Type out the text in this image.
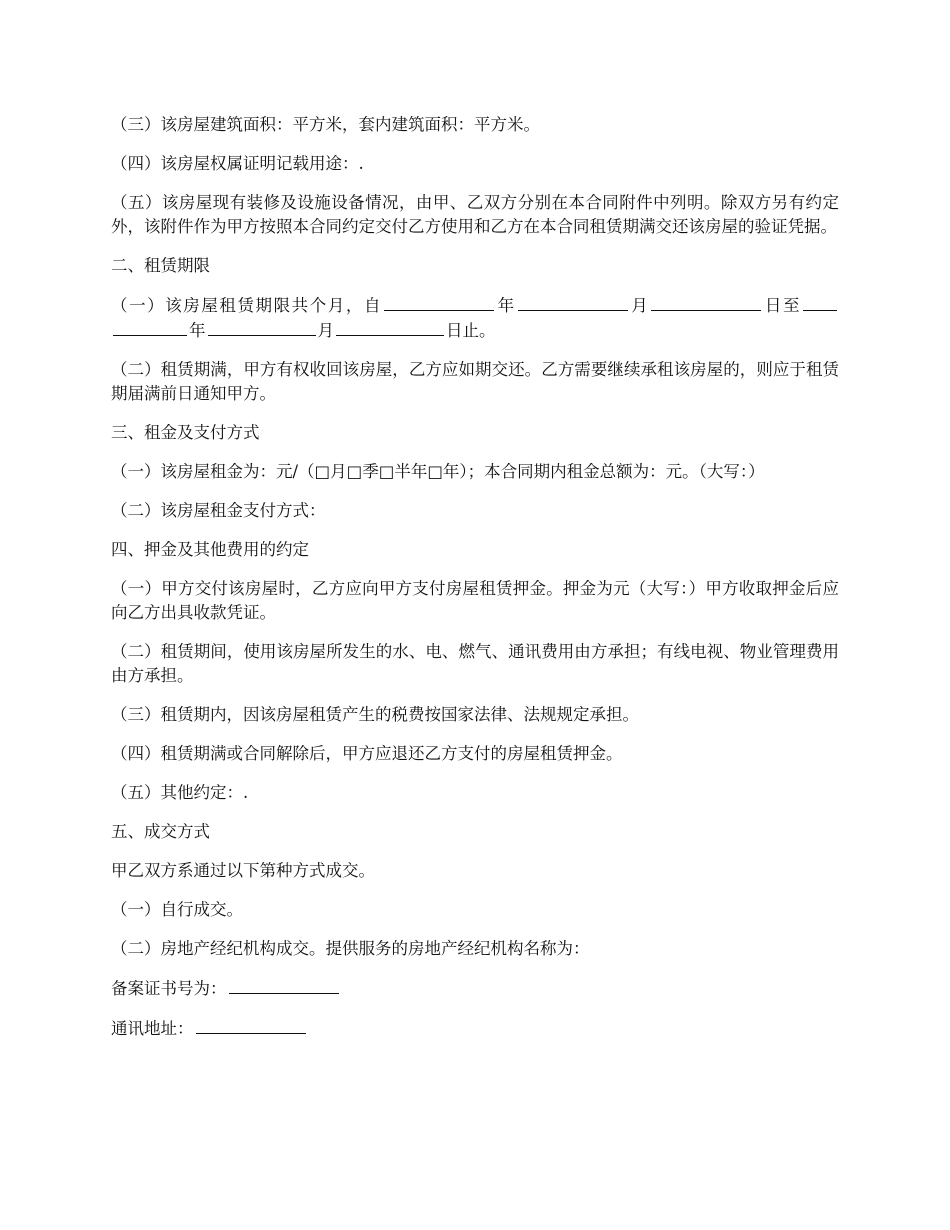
（三）该房屋建筑面积：平方米，套内建筑面积：平方米。

（四）该房屋权属证明记载用途：.

（五）该房屋现有装修及设施设备情况，由甲、乙双方分别在本合同附件中列明。除双方另有约定外，该附件作为甲方按照本合同约定交付乙方使用和乙方在本合同租赁期满交还该房屋的验证凭据。

二、租赁期限

（一）该房屋租赁期限共个月，自	年	月	日至年	月	日止。

（二）租赁期满，甲方有权收回该房屋，乙方应如期交还。乙方需要继续承租该房屋的，则应于租赁期届满前日通知甲方。

三、租金及支付方式

（一）该房屋租金为：元/（□月□季□半年□年）；本合同期内租金总额为：元。（大写：）

（二）该房屋租金支付方式：

四、押金及其他费用的约定

（一）甲方交付该房屋时，乙方应向甲方支付房屋租赁押金。押金为元（大写：）甲方收取押金后应向乙方出具收款凭证。

（二）租赁期间，使用该房屋所发生的水、电、燃气、通讯费用由方承担；有线电视、物业管理费用由方承担。

（三）租赁期内，因该房屋租赁产生的税费按国家法律、法规规定承担。

（四）租赁期满或合同解除后，甲方应退还乙方支付的房屋租赁押金。

（五）其他约定：.

五、成交方式

甲乙双方系通过以下第种方式成交。

（一）自行成交。

（二）房地产经纪机构成交。提供服务的房地产经纪机构名称为：

备案证书号为：

通讯地址：
